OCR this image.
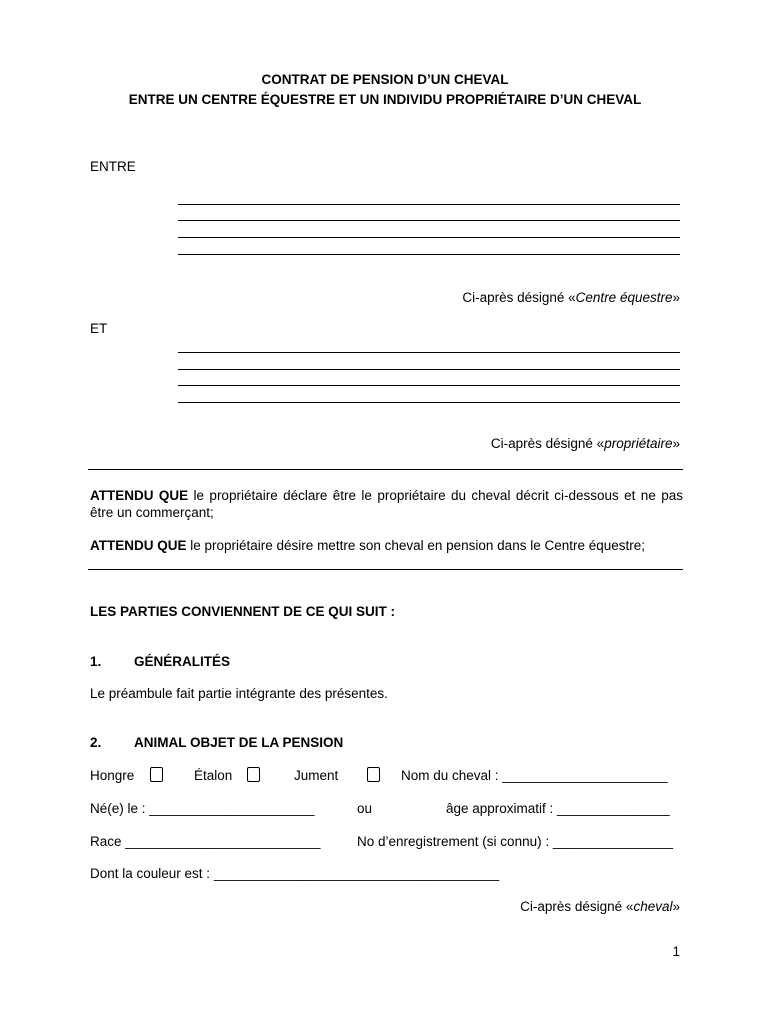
CONTRAT DE PENSION D’UN CHEVAL
ENTRE UN CENTRE ÉQUESTRE ET UN INDIVIDU PROPRIÉTAIRE D’UN CHEVAL
ENTRE
Ci-après désigné «Centre équestre»
ET
Ci-après désigné «propriétaire»
ATTENDU QUE le propriétaire déclare être le propriétaire du cheval décrit ci-dessous et ne pas être un commerçant;
ATTENDU QUE le propriétaire désire mettre son cheval en pension dans le Centre équestre;
LES PARTIES CONVIENNENT DE CE QUI SUIT :
1. GÉNÉRALITÉS
Le préambule fait partie intégrante des présentes.
2. ANIMAL OBJET DE LA PENSION
Hongre	Étalon	Jument	Nom du cheval : ______________________
Né(e) le : ______________________	ou	âge approximatif : _______________
Race __________________________	No d’enregistrement (si connu) : ________________
Dont la couleur est : ______________________________________
Ci-après désigné «cheval»
1
